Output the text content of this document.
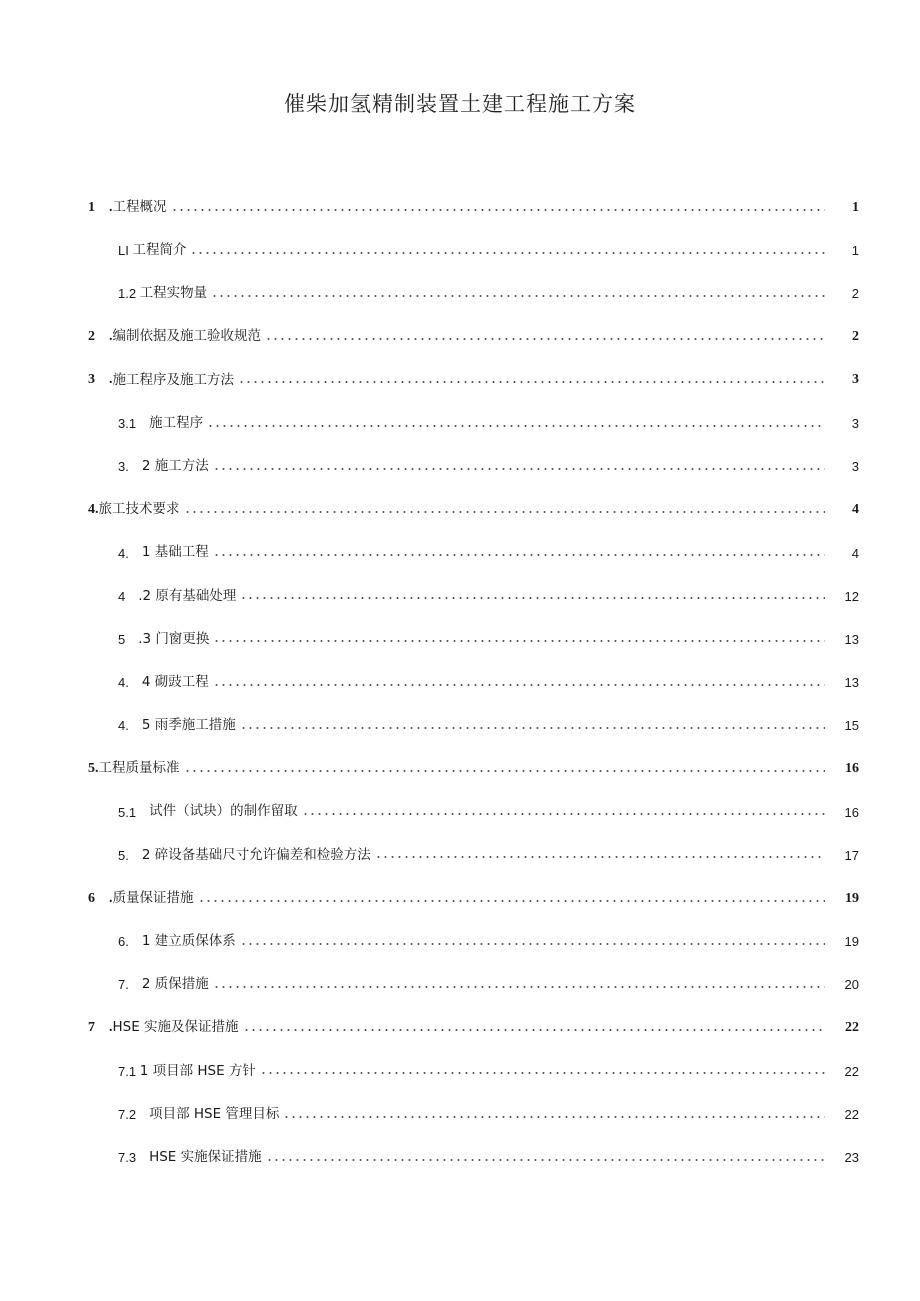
催柴加氢精制装置土建工程施工方案
1　. 工程概况	1
LI 工程简介	1
1.2 工程实物量	2
2　. 编制依据及施工验收规范	2
3　. 施工程序及施工方法	3
3.1　 施工程序	3
3.　 2 施工方法	3
4. 旅工技术要求	4
4.　 1 基础工程	4
4　 .2 原有基础处理	12
5　 .3 门窗更换	13
4.　 4 砌豉工程	13
4.　 5 雨季施工措施	15
5. 工程质量标准	16
5.1　 试件（试块）的制作留取	16
5.　 2 碎设备基础尺寸允许偏差和检验方法	17
6　. 质量保证措施	19
6.　 1 建立质保体系	19
7.　 2 质保措施	20
7　. HSE 实施及保证措施	22
7.1 1 项目部 HSE 方针	22
7.2　 项目部 HSE 管理目标	22
7.3　 HSE 实施保证措施	23
